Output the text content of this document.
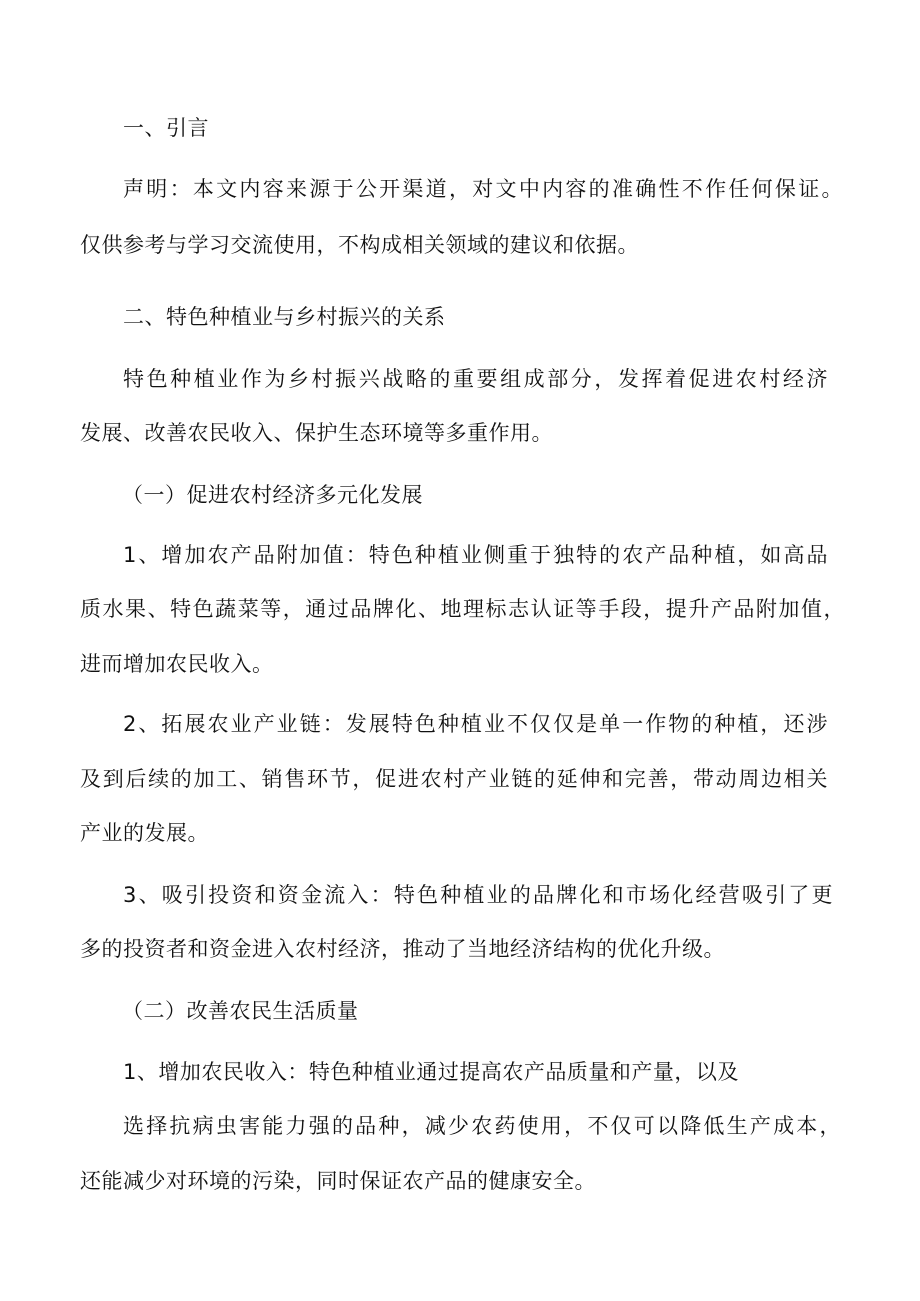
一、引言
声明：本文内容来源于公开渠道，对文中内容的准确性不作任何保证。
仅供参考与学习交流使用，不构成相关领域的建议和依据。
二、特色种植业与乡村振兴的关系
特色种植业作为乡村振兴战略的重要组成部分，发挥着促进农村经济
发展、改善农民收入、保护生态环境等多重作用。
（一）促进农村经济多元化发展
1、增加农产品附加值：特色种植业侧重于独特的农产品种植，如高品
质水果、特色蔬菜等，通过品牌化、地理标志认证等手段，提升产品附加值，
进而增加农民收入。
2、拓展农业产业链：发展特色种植业不仅仅是单一作物的种植，还涉
及到后续的加工、销售环节，促进农村产业链的延伸和完善，带动周边相关
产业的发展。
3、吸引投资和资金流入：特色种植业的品牌化和市场化经营吸引了更
多的投资者和资金进入农村经济，推动了当地经济结构的优化升级。
（二）改善农民生活质量
1、增加农民收入：特色种植业通过提高农产品质量和产量，以及
选择抗病虫害能力强的品种，减少农药使用，不仅可以降低生产成本，
还能减少对环境的污染，同时保证农产品的健康安全。
